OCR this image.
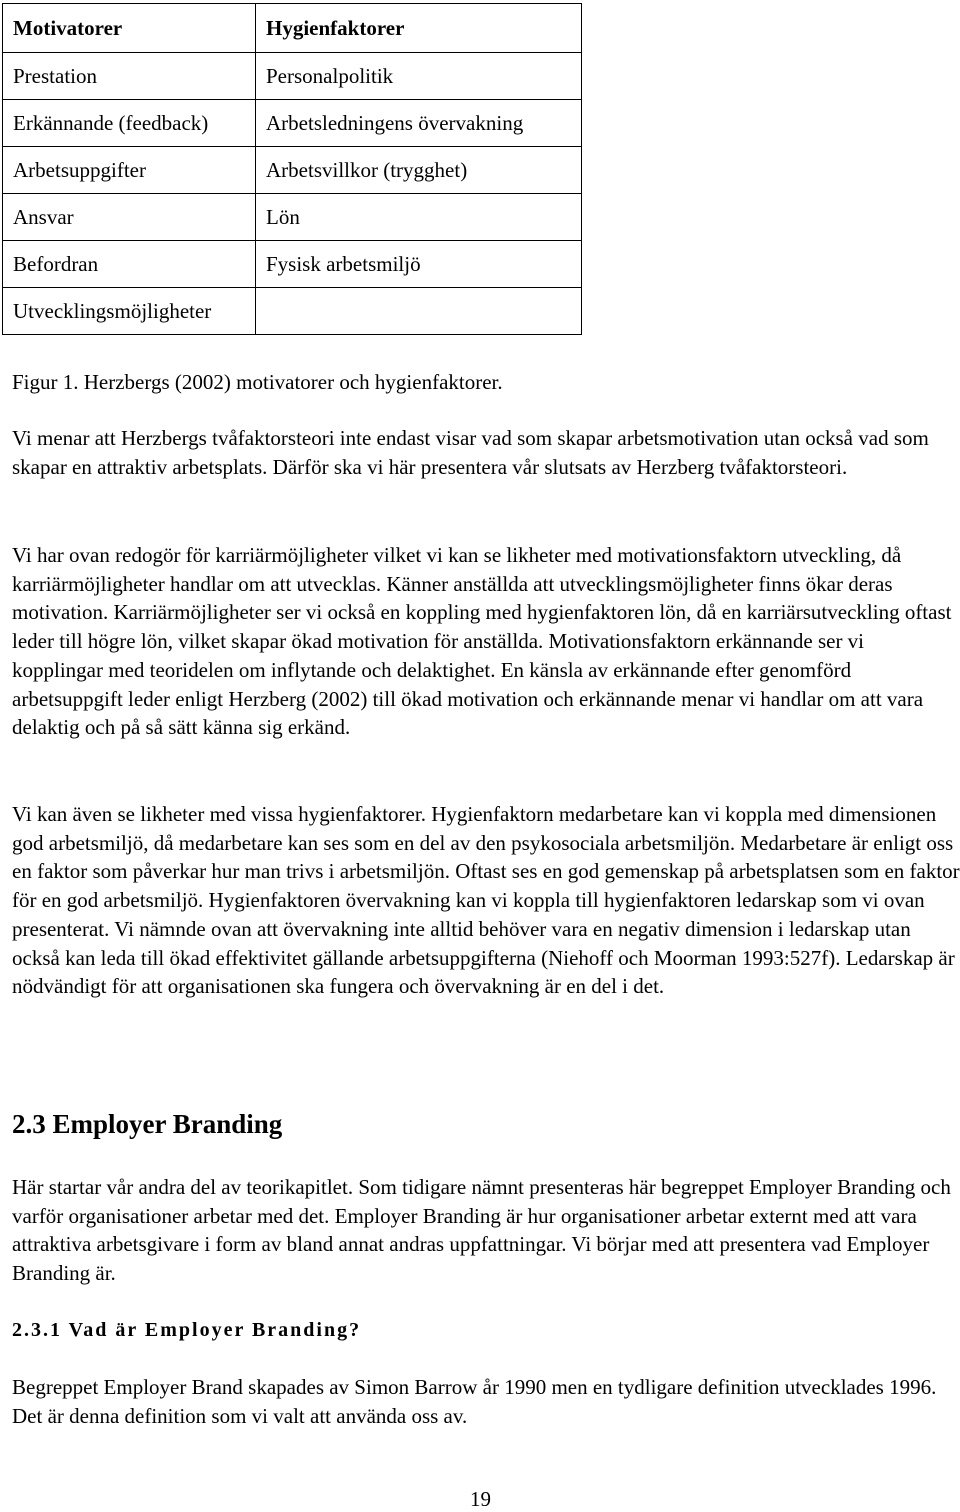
Motivatorer	Hygienfaktorer
Prestation	Personalpolitik
Erkännande (feedback)	Arbetsledningens övervakning
Arbetsuppgifter	Arbetsvillkor (trygghet)
Ansvar	Lön
Befordran	Fysisk arbetsmiljö
Utvecklingsmöjligheter	
Figur 1. Herzbergs (2002) motivatorer och hygienfaktorer.

Vi menar att Herzbergs tvåfaktorsteori inte endast visar vad som skapar arbetsmotivation utan också vad som skapar en attraktiv arbetsplats. Därför ska vi här presentera vår slutsats av Herzberg tvåfaktorsteori.

Vi har ovan redogör för karriärmöjligheter vilket vi kan se likheter med motivationsfaktorn utveckling, då karriärmöjligheter handlar om att utvecklas. Känner anställda att utvecklingsmöjligheter finns ökar deras motivation. Karriärmöjligheter ser vi också en koppling med hygienfaktoren lön, då en karriärsutveckling oftast leder till högre lön, vilket skapar ökad motivation för anställda. Motivationsfaktorn erkännande ser vi kopplingar med teoridelen om inflytande och delaktighet. En känsla av erkännande efter genomförd arbetsuppgift leder enligt Herzberg (2002) till ökad motivation och erkännande menar vi handlar om att vara delaktig och på så sätt känna sig erkänd.

Vi kan även se likheter med vissa hygienfaktorer. Hygienfaktorn medarbetare kan vi koppla med dimensionen god arbetsmiljö, då medarbetare kan ses som en del av den psykosociala arbetsmiljön. Medarbetare är enligt oss en faktor som påverkar hur man trivs i arbetsmiljön. Oftast ses en god gemenskap på arbetsplatsen som en faktor för en god arbetsmiljö. Hygienfaktoren övervakning kan vi koppla till hygienfaktoren ledarskap som vi ovan presenterat. Vi nämnde ovan att övervakning inte alltid behöver vara en negativ dimension i ledarskap utan också kan leda till ökad effektivitet gällande arbetsuppgifterna (Niehoff och Moorman 1993:527f). Ledarskap är nödvändigt för att organisationen ska fungera och övervakning är en del i det.

2.3 Employer Branding

Här startar vår andra del av teorikapitlet. Som tidigare nämnt presenteras här begreppet Employer Branding och varför organisationer arbetar med det. Employer Branding är hur organisationer arbetar externt med att vara attraktiva arbetsgivare i form av bland annat andras uppfattningar. Vi börjar med att presentera vad Employer Branding är.

2.3.1 Vad är Employer Branding?

Begreppet Employer Brand skapades av Simon Barrow år 1990 men en tydligare definition utvecklades 1996. Det är denna definition som vi valt att använda oss av.

19
